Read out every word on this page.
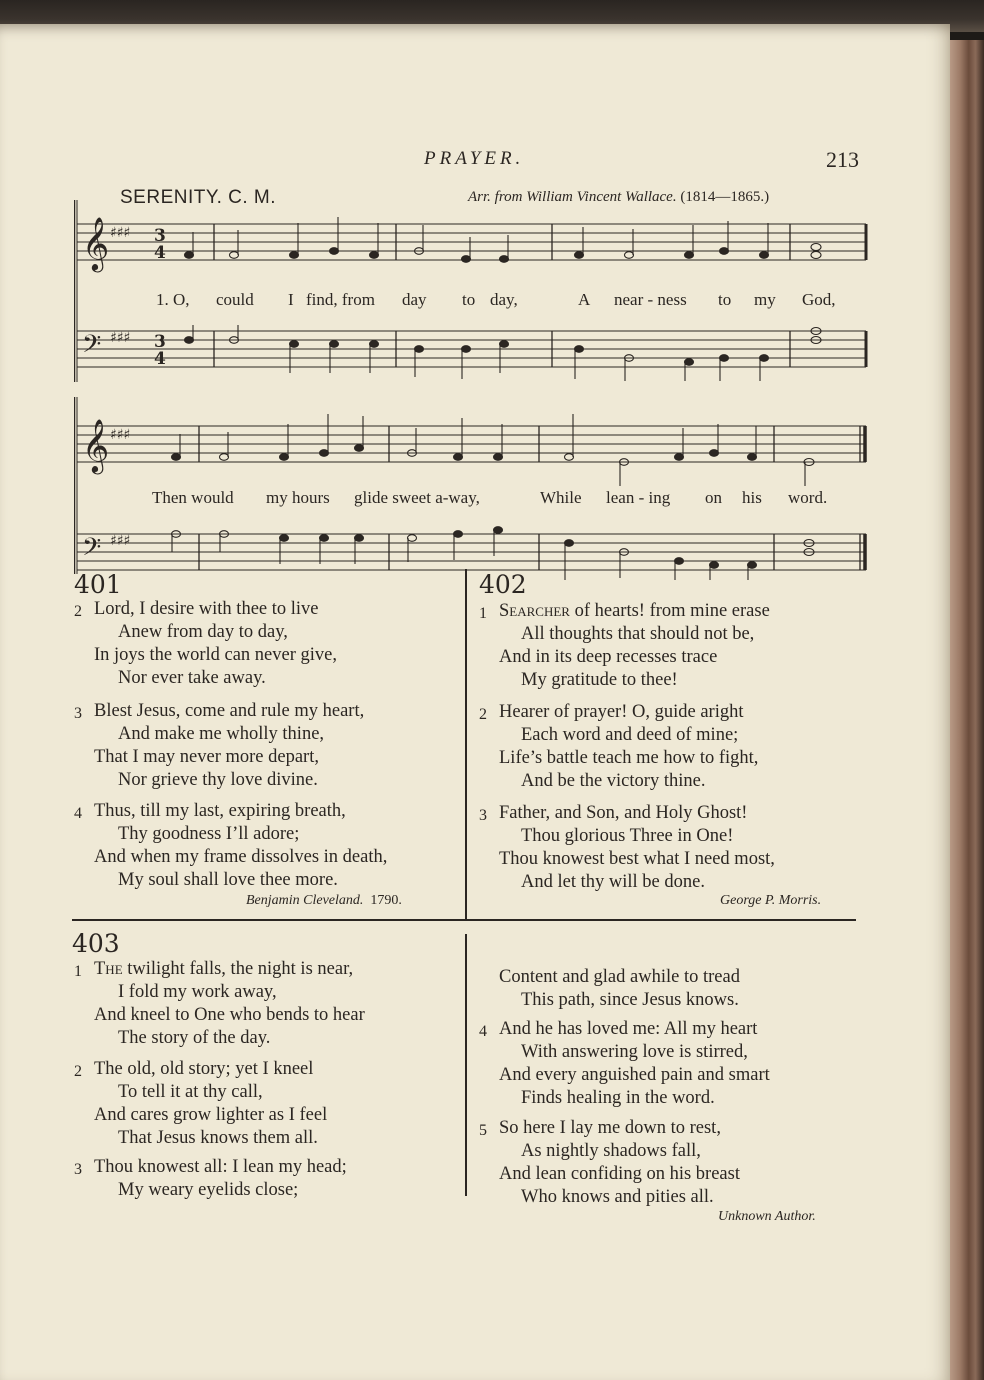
PRAYER.	213
SERENITY. C. M.	Arr. from William Vincent Wallace. (1814—1865.)
𝄞
𝄢
♯♯♯
♯♯♯
3
4
3
4
1. O, could I find, from day to day,	A near - ness to my God,
𝄞
𝄢
♯♯♯
♯♯♯
Then would my hours glide sweet a-way,	While lean - ing on his word.
401
2 Lord, I desire with thee to live
Anew from day to day,
In joys the world can never give,
Nor ever take away.
3 Blest Jesus, come and rule my heart,
And make me wholly thine,
That I may never more depart,
Nor grieve thy love divine.
4 Thus, till my last, expiring breath,
Thy goodness I’ll adore;
And when my frame dissolves in death,
My soul shall love thee more.
Benjamin Cleveland. 1790.
402
1 Searcher of hearts! from mine erase
All thoughts that should not be,
And in its deep recesses trace
My gratitude to thee!
2 Hearer of prayer! O, guide aright
Each word and deed of mine;
Life’s battle teach me how to fight,
And be the victory thine.
3 Father, and Son, and Holy Ghost!
Thou glorious Three in One!
Thou knowest best what I need most,
And let thy will be done.
George P. Morris.
403
1 The twilight falls, the night is near,
I fold my work away,
And kneel to One who bends to hear
The story of the day.
2 The old, old story; yet I kneel
To tell it at thy call,
And cares grow lighter as I feel
That Jesus knows them all.
3 Thou knowest all: I lean my head;
My weary eyelids close;
Content and glad awhile to tread
This path, since Jesus knows.
4 And he has loved me: All my heart
With answering love is stirred,
And every anguished pain and smart
Finds healing in the word.
5 So here I lay me down to rest,
As nightly shadows fall,
And lean confiding on his breast
Who knows and pities all.
Unknown Author.
